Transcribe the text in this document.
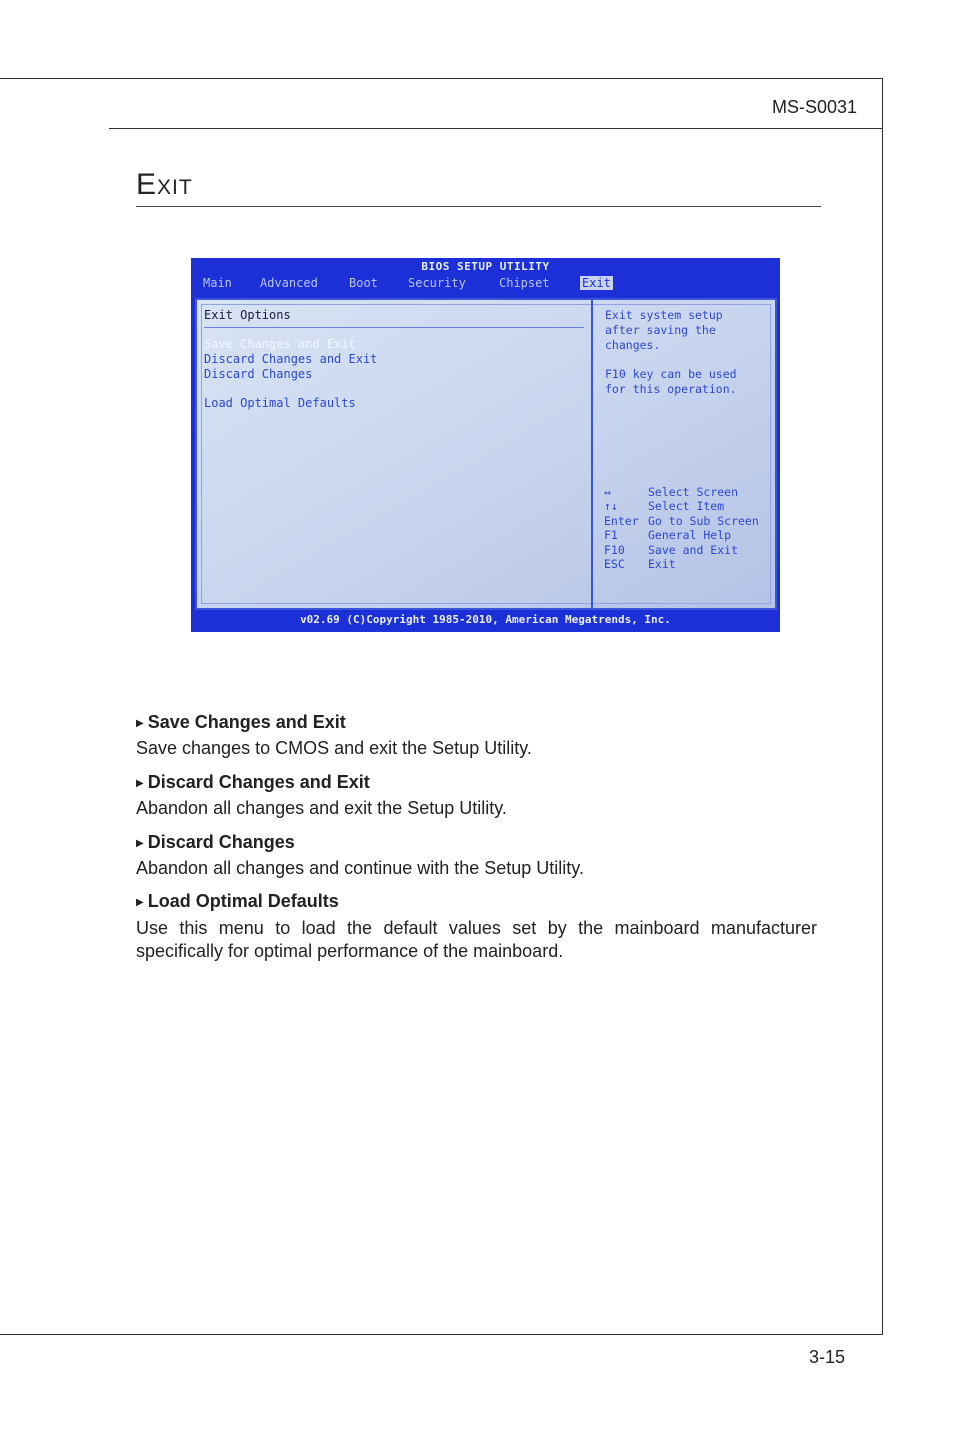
MS-S0031
Exit
BIOS SETUP UTILITY
Main Advanced	Boot	Security	Chipset	Exit
Exit Options
Save Changes and Exit
Discard Changes and Exit
Discard Changes
Load Optimal Defaults
Exit system setup
after saving the
changes.
F10 key can be used
for this operation.
↔	Select Screen
↑↓	Select Item
Enter Go to Sub Screen
F1	General Help
F10 Save and Exit
ESC Exit
v02.69 (C)Copyright 1985-2010, American Megatrends, Inc.
▶ Save Changes and Exit
Save changes to CMOS and exit the Setup Utility.
▶ Discard Changes and Exit
Abandon all changes and exit the Setup Utility.
▶ Discard Changes
Abandon all changes and continue with the Setup Utility.
▶ Load Optimal Defaults
Use this menu to load the default values set by the mainboard manufacturer specifically for optimal performance of the mainboard.
3-15
